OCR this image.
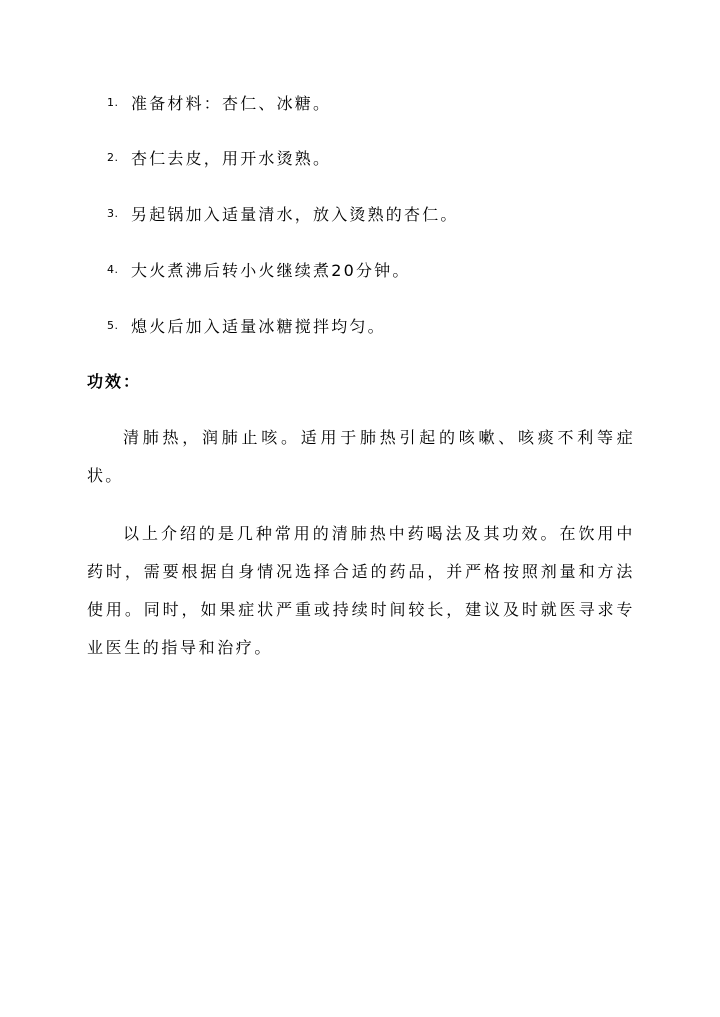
1. 准备材料：杏仁、冰糖。
2. 杏仁去皮，用开水烫熟。
3. 另起锅加入适量清水，放入烫熟的杏仁。
4. 大火煮沸后转小火继续煮20分钟。
5. 熄火后加入适量冰糖搅拌均匀。
功效：

清肺热，润肺止咳。适用于肺热引起的咳嗽、咳痰不利等症状。

以上介绍的是几种常用的清肺热中药喝法及其功效。在饮用中药时，需要根据自身情况选择合适的药品，并严格按照剂量和方法使用。同时，如果症状严重或持续时间较长，建议及时就医寻求专业医生的指导和治疗。
